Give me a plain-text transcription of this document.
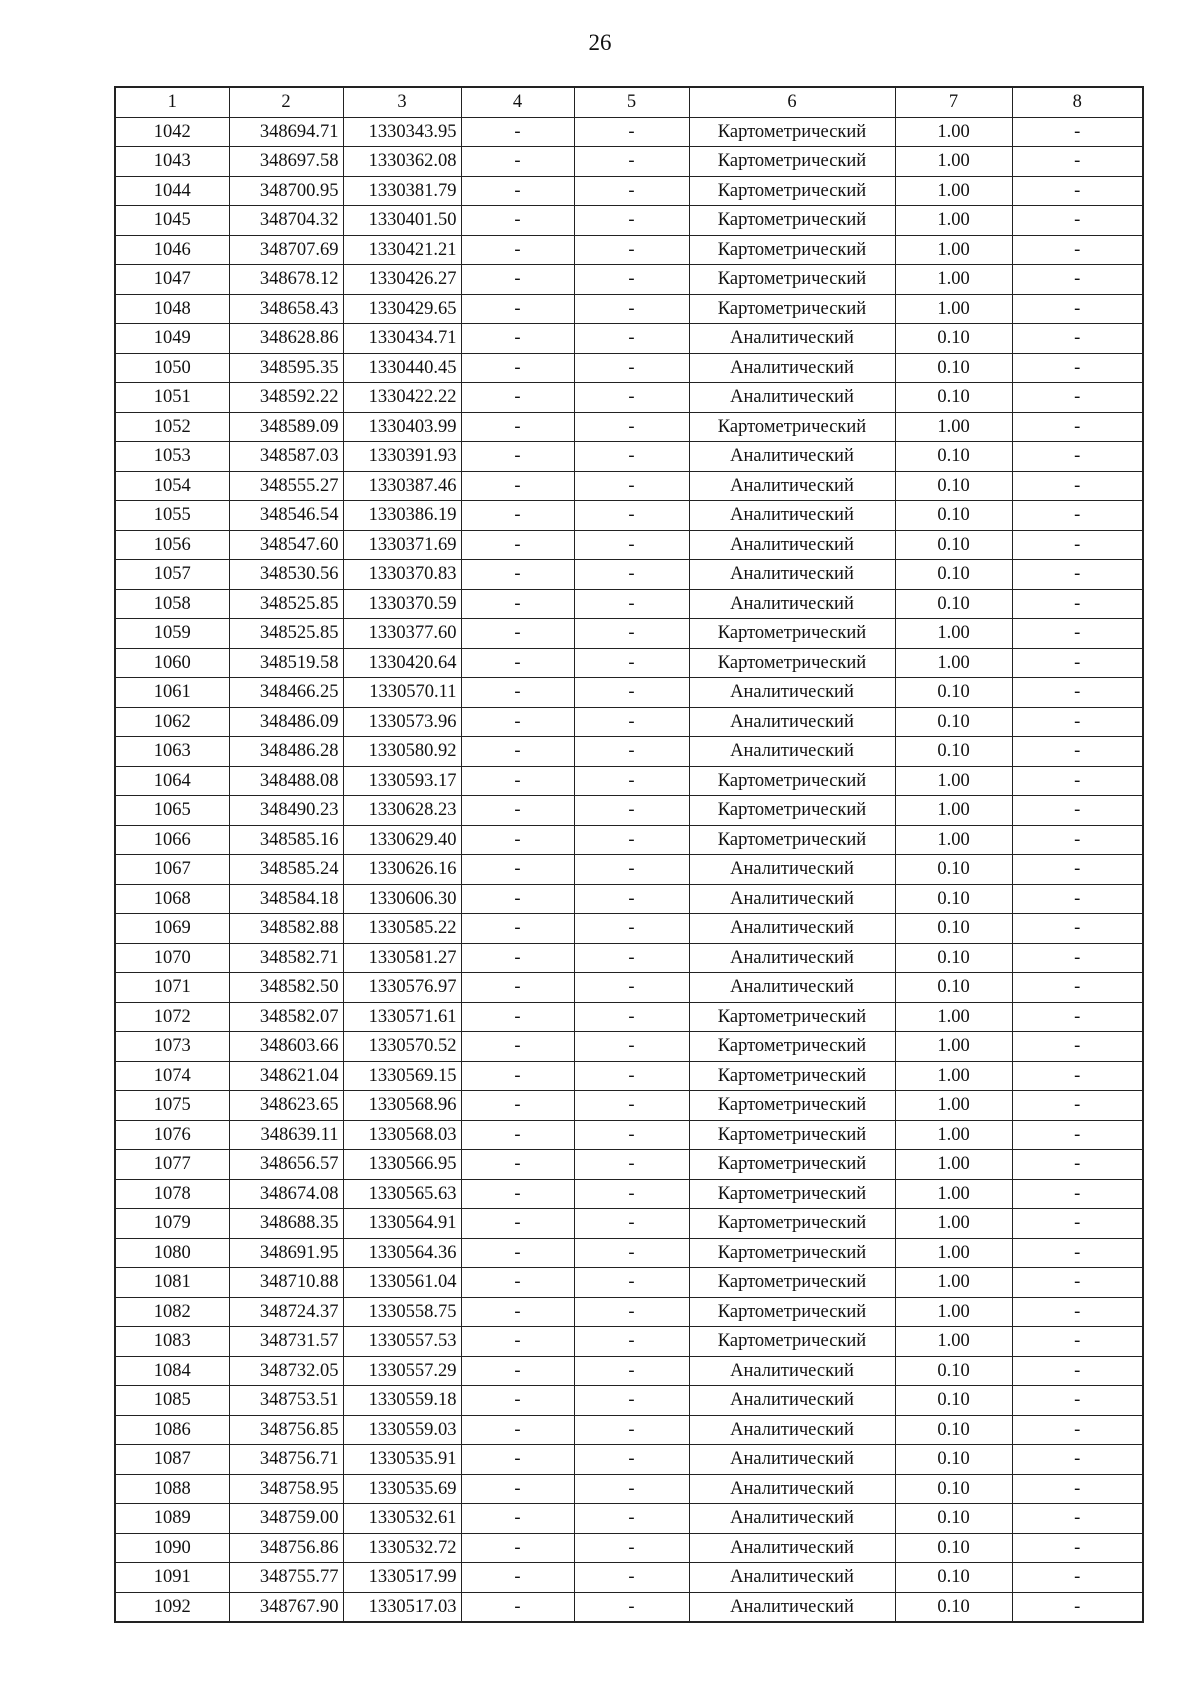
26
1	2	3	4	5	6	7	8
1042	348694.71	1330343.95	-	-	Картометрический	1.00	-
1043	348697.58	1330362.08	-	-	Картометрический	1.00	-
1044	348700.95	1330381.79	-	-	Картометрический	1.00	-
1045	348704.32	1330401.50	-	-	Картометрический	1.00	-
1046	348707.69	1330421.21	-	-	Картометрический	1.00	-
1047	348678.12	1330426.27	-	-	Картометрический	1.00	-
1048	348658.43	1330429.65	-	-	Картометрический	1.00	-
1049	348628.86	1330434.71	-	-	Аналитический	0.10	-
1050	348595.35	1330440.45	-	-	Аналитический	0.10	-
1051	348592.22	1330422.22	-	-	Аналитический	0.10	-
1052	348589.09	1330403.99	-	-	Картометрический	1.00	-
1053	348587.03	1330391.93	-	-	Аналитический	0.10	-
1054	348555.27	1330387.46	-	-	Аналитический	0.10	-
1055	348546.54	1330386.19	-	-	Аналитический	0.10	-
1056	348547.60	1330371.69	-	-	Аналитический	0.10	-
1057	348530.56	1330370.83	-	-	Аналитический	0.10	-
1058	348525.85	1330370.59	-	-	Аналитический	0.10	-
1059	348525.85	1330377.60	-	-	Картометрический	1.00	-
1060	348519.58	1330420.64	-	-	Картометрический	1.00	-
1061	348466.25	1330570.11	-	-	Аналитический	0.10	-
1062	348486.09	1330573.96	-	-	Аналитический	0.10	-
1063	348486.28	1330580.92	-	-	Аналитический	0.10	-
1064	348488.08	1330593.17	-	-	Картометрический	1.00	-
1065	348490.23	1330628.23	-	-	Картометрический	1.00	-
1066	348585.16	1330629.40	-	-	Картометрический	1.00	-
1067	348585.24	1330626.16	-	-	Аналитический	0.10	-
1068	348584.18	1330606.30	-	-	Аналитический	0.10	-
1069	348582.88	1330585.22	-	-	Аналитический	0.10	-
1070	348582.71	1330581.27	-	-	Аналитический	0.10	-
1071	348582.50	1330576.97	-	-	Аналитический	0.10	-
1072	348582.07	1330571.61	-	-	Картометрический	1.00	-
1073	348603.66	1330570.52	-	-	Картометрический	1.00	-
1074	348621.04	1330569.15	-	-	Картометрический	1.00	-
1075	348623.65	1330568.96	-	-	Картометрический	1.00	-
1076	348639.11	1330568.03	-	-	Картометрический	1.00	-
1077	348656.57	1330566.95	-	-	Картометрический	1.00	-
1078	348674.08	1330565.63	-	-	Картометрический	1.00	-
1079	348688.35	1330564.91	-	-	Картометрический	1.00	-
1080	348691.95	1330564.36	-	-	Картометрический	1.00	-
1081	348710.88	1330561.04	-	-	Картометрический	1.00	-
1082	348724.37	1330558.75	-	-	Картометрический	1.00	-
1083	348731.57	1330557.53	-	-	Картометрический	1.00	-
1084	348732.05	1330557.29	-	-	Аналитический	0.10	-
1085	348753.51	1330559.18	-	-	Аналитический	0.10	-
1086	348756.85	1330559.03	-	-	Аналитический	0.10	-
1087	348756.71	1330535.91	-	-	Аналитический	0.10	-
1088	348758.95	1330535.69	-	-	Аналитический	0.10	-
1089	348759.00	1330532.61	-	-	Аналитический	0.10	-
1090	348756.86	1330532.72	-	-	Аналитический	0.10	-
1091	348755.77	1330517.99	-	-	Аналитический	0.10	-
1092	348767.90	1330517.03	-	-	Аналитический	0.10	-
